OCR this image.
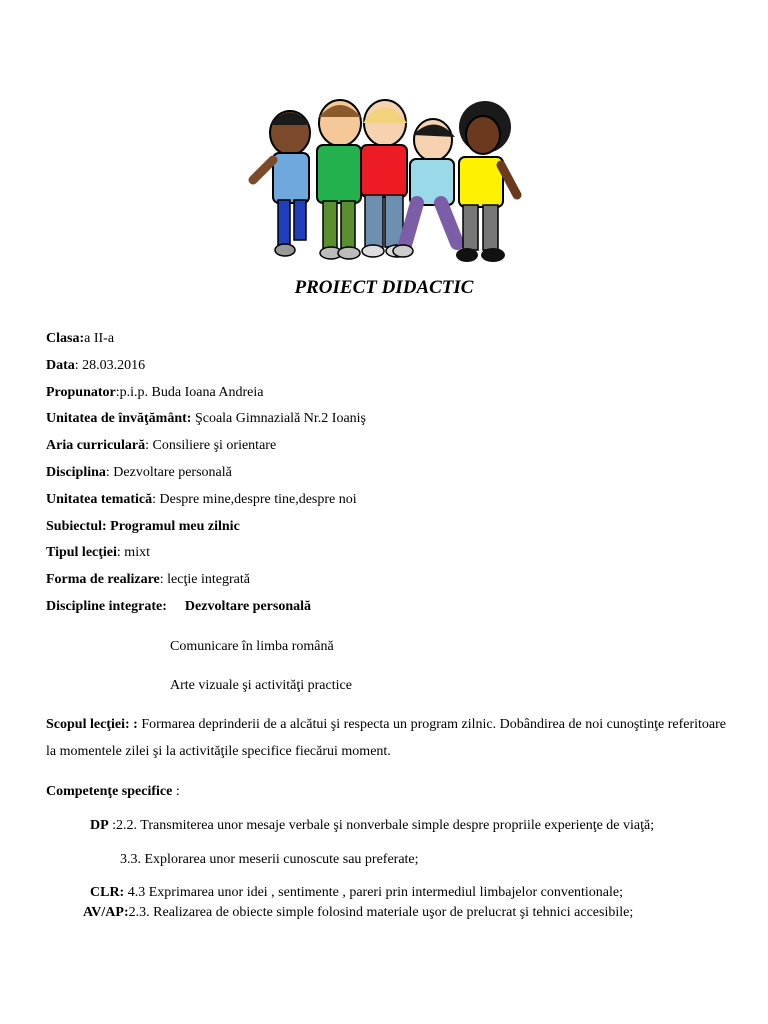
PROIECT DIDACTIC
Clasa:a II-a
Data: 28.03.2016
Propunator:p.i.p. Buda Ioana Andreia
Unitatea de învăţământ: Şcoala Gimnazială Nr.2 Ioaniş
Aria curriculară: Consiliere şi orientare
Disciplina: Dezvoltare personală
Unitatea tematică: Despre mine,despre tine,despre noi
Subiectul: Programul meu zilnic
Tipul lecţiei: mixt
Forma de realizare: lecţie integrată
Discipline integrate: Dezvoltare personală
Comunicare în limba română
Arte vizuale şi activităţi practice
Scopul lecţiei: : Formarea deprinderii de a alcătui şi respecta un program zilnic. Dobândirea de noi cunoştinţe referitoare la momentele zilei şi la activităţile specifice fiecărui moment.
Competenţe specifice :
DP :2.2. Transmiterea unor mesaje verbale şi nonverbale simple despre propriile experienţe de viaţă;
3.3. Explorarea unor meserii cunoscute sau preferate;
CLR: 4.3 Exprimarea unor idei , sentimente , pareri prin intermediul limbajelor conventionale;
AV/AP:2.3. Realizarea de obiecte simple folosind materiale uşor de prelucrat şi tehnici accesibile;
